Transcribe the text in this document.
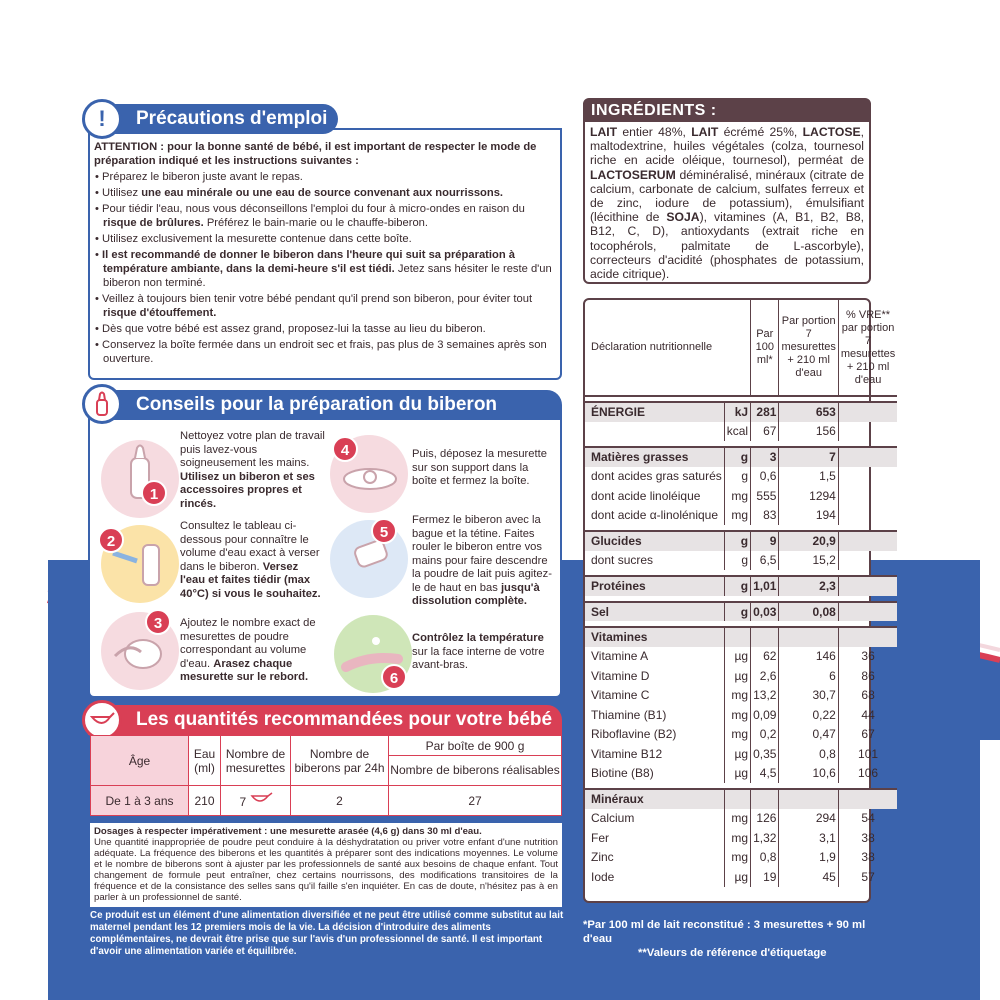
Précautions d'emploi
!

ATTENTION : pour la bonne santé de bébé, il est important de respecter le mode de préparation indiqué et les instructions suivantes :

• Préparez le biberon juste avant le repas.

• Utilisez une eau minérale ou une eau de source convenant aux nourrissons.

• Pour tiédir l'eau, nous vous déconseillons l'emploi du four à micro-ondes en raison du risque de brûlures. Préférez le bain-marie ou le chauffe-biberon.

• Utilisez exclusivement la mesurette contenue dans cette boîte.

• Il est recommandé de donner le biberon dans l'heure qui suit sa préparation à température ambiante, dans la demi-heure s'il est tiédi. Jetez sans hésiter le reste d'un biberon non terminé.

• Veillez à toujours bien tenir votre bébé pendant qu'il prend son biberon, pour éviter tout risque d'étouffement.

• Dès que votre bébé est assez grand, proposez-lui la tasse au lieu du biberon.

• Conservez la boîte fermée dans un endroit sec et frais, pas plus de 3 semaines après son ouverture.

Conseils pour la préparation du biberon
1
Nettoyez votre plan de travail puis lavez-vous soigneusement les mains. Utilisez un biberon et ses accessoires propres et rincés.
2
Consultez le tableau ci-dessous pour connaître le volume d'eau exact à verser dans le biberon. Versez l'eau et faites tiédir (max 40°C) si vous le souhaitez.
3	Ajoutez le nombre exact de mesurettes de poudre correspondant au volume d'eau. Arasez chaque mesurette sur le rebord.
4	Puis, déposez la mesurette sur son support dans la boîte et fermez la boîte.
5
Fermez le biberon avec la bague et la tétine. Faites rouler le biberon entre vos mains pour faire descendre la poudre de lait puis agitez-le de haut en bas jusqu'à dissolution complète.
6
Contrôlez la température sur la face interne de votre avant-bras.
Les quantités recommandées pour votre bébé
Âge	Eau (ml)	Nombre de mesurettes	Nombre de biberons par 24h	Par boîte de 900 g
				Nombre de biberons réalisables
De 1 à 3 ans	210	7	2	27
Dosages à respecter impérativement : une mesurette arasée (4,6 g) dans 30 ml d'eau.
Une quantité inappropriée de poudre peut conduire à la déshydratation ou priver votre enfant d'une nutrition adéquate. La fréquence des biberons et les quantités à préparer sont des indications moyennes. Le volume et le nombre de biberons sont à ajuster par les professionnels de santé aux besoins de chaque enfant. Tout changement de formule peut entraîner, chez certains nourrissons, des modifications transitoires de la fréquence et de la consistance des selles sans qu'il faille s'en inquiéter. En cas de doute, n'hésitez pas à en parler à un professionnel de santé.
Ce produit est un élément d'une alimentation diversifiée et ne peut être utilisé comme substitut au lait maternel pendant les 12 premiers mois de la vie. La décision d'introduire des aliments complémentaires, ne devrait être prise que sur l'avis d'un professionnel de santé. Il est important d'avoir une alimentation variée et équilibrée.
INGRÉDIENTS :
LAIT entier 48%, LAIT écrémé 25%, LACTOSE, maltodextrine, huiles végétales (colza, tournesol riche en acide oléique, tournesol), perméat de LACTOSERUM déminéralisé, minéraux (citrate de calcium, carbonate de calcium, sulfates ferreux et de zinc, iodure de potassium), émulsifiant (lécithine de SOJA), vitamines (A, B1, B2, B8, B12, C, D), antioxydants (extrait riche en tocophérols, palmitate de L-ascorbyle), correcteurs d'acidité (phosphates de potassium, acide citrique).
Déclaration nutritionnelle		Par 100 ml*	Par portion 7 mesurettes + 210 ml d'eau	% VRE** par portion 7 mesurettes + 210 ml d'eau

ÉNERGIE	kJ	281	653	
	kcal	67	156	

Matières grasses	g	3	7	
dont acides gras saturés	g	0,6	1,5	
dont acide linoléique	mg	555	1294	
dont acide α-linolénique	mg	83	194	

Glucides	g	9	20,9	
dont sucres	g	6,5	15,2	

Protéines	g	1,01	2,3	

Sel	g	0,03	0,08	

Vitamines				
Vitamine A	µg	62	146	36
Vitamine D	µg	2,6	6	86
Vitamine C	mg	13,2	30,7	68
Thiamine (B1)	mg	0,09	0,22	44
Riboflavine (B2)	mg	0,2	0,47	67
Vitamine B12	µg	0,35	0,8	101
Biotine (B8)	µg	4,5	10,6	106

Minéraux				
Calcium	mg	126	294	54
Fer	mg	1,32	3,1	38
Zinc	mg	0,8	1,9	38
Iode	µg	19	45	57
*Par 100 ml de lait reconstitué : 3 mesurettes + 90 ml d'eau
**Valeurs de référence d'étiquetage
